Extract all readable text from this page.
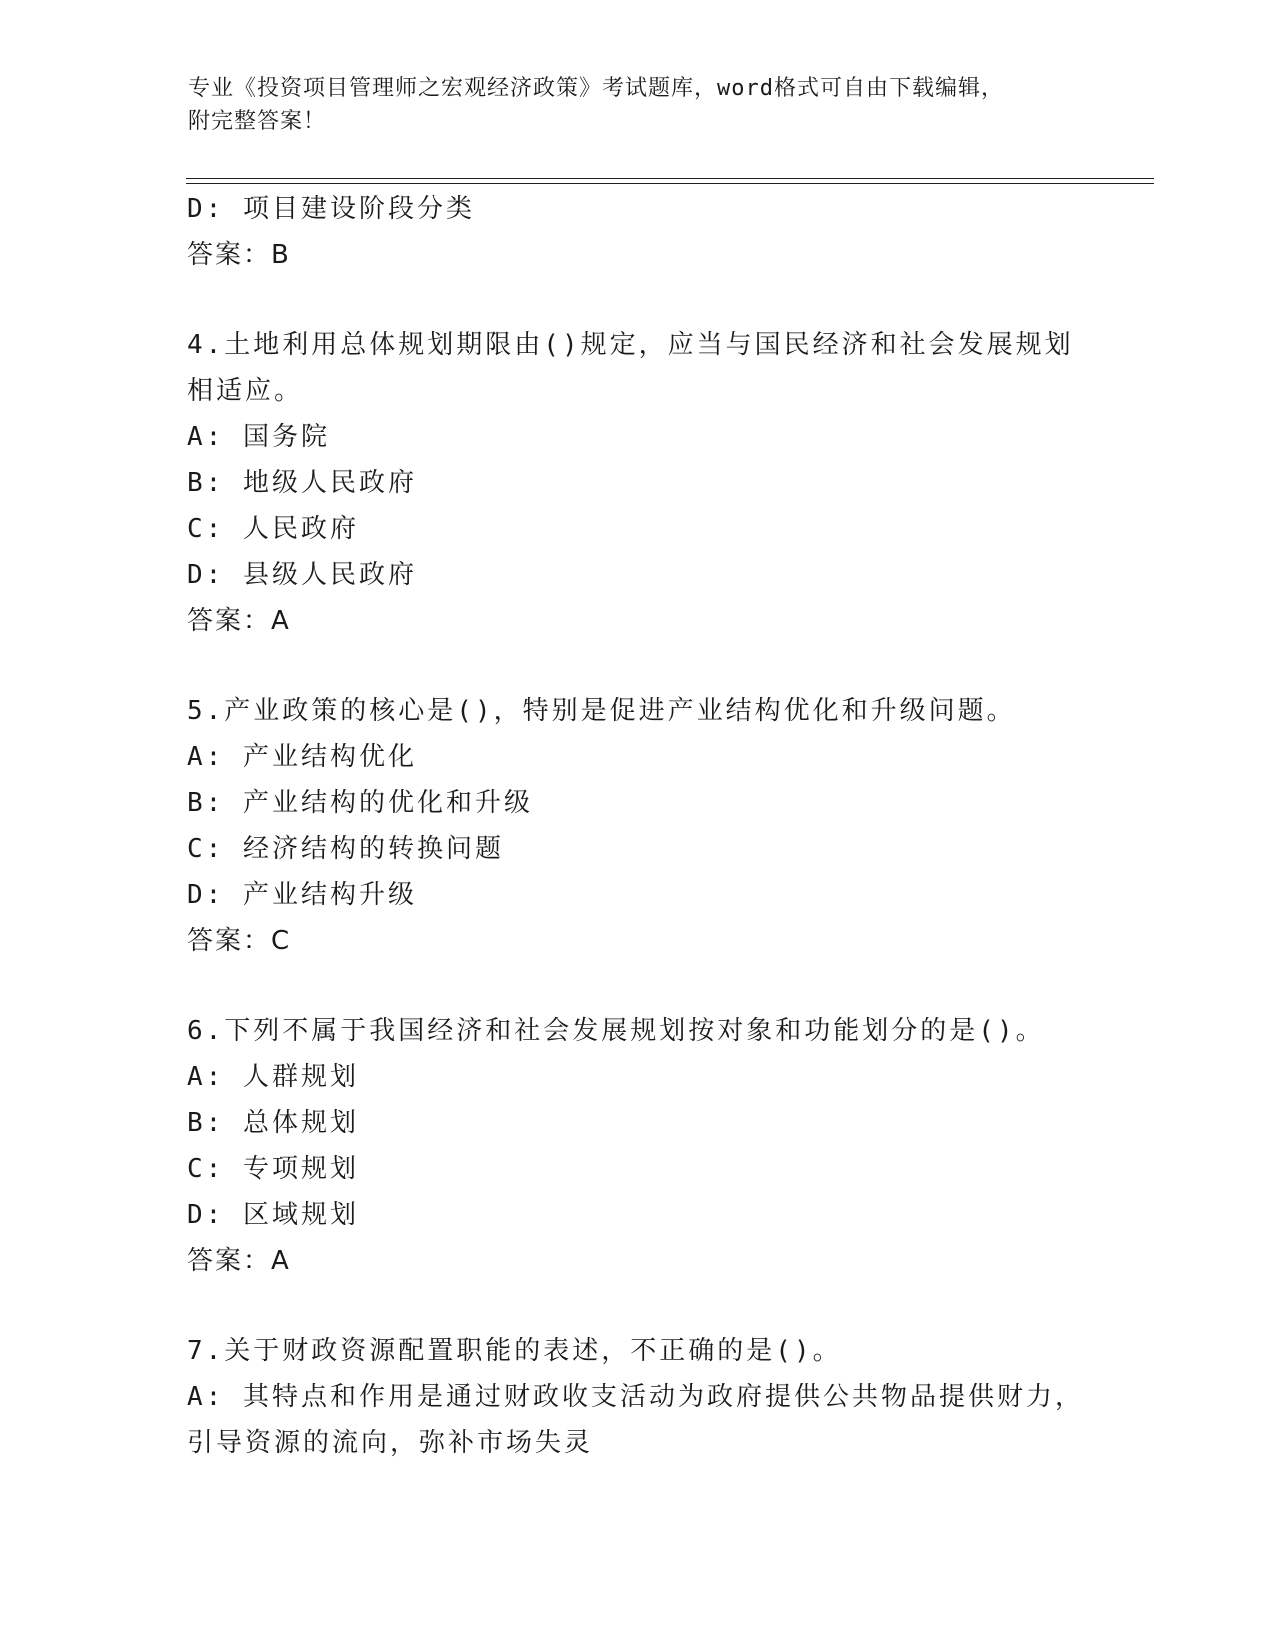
专业《投资项目管理师之宏观经济政策》考试题库，word格式可自由下载编辑，
附完整答案！
D: 项目建设阶段分类
答案：B
4.土地利用总体规划期限由()规定，应当与国民经济和社会发展规划
相适应。
A: 国务院
B: 地级人民政府
C: 人民政府
D: 县级人民政府
答案：A
5.产业政策的核心是()，特别是促进产业结构优化和升级问题。
A: 产业结构优化
B: 产业结构的优化和升级
C: 经济结构的转换问题
D: 产业结构升级
答案：C
6.下列不属于我国经济和社会发展规划按对象和功能划分的是()。
A: 人群规划
B: 总体规划
C: 专项规划
D: 区域规划
答案：A
7.关于财政资源配置职能的表述，不正确的是()。
A: 其特点和作用是通过财政收支活动为政府提供公共物品提供财力，
引导资源的流向，弥补市场失灵
